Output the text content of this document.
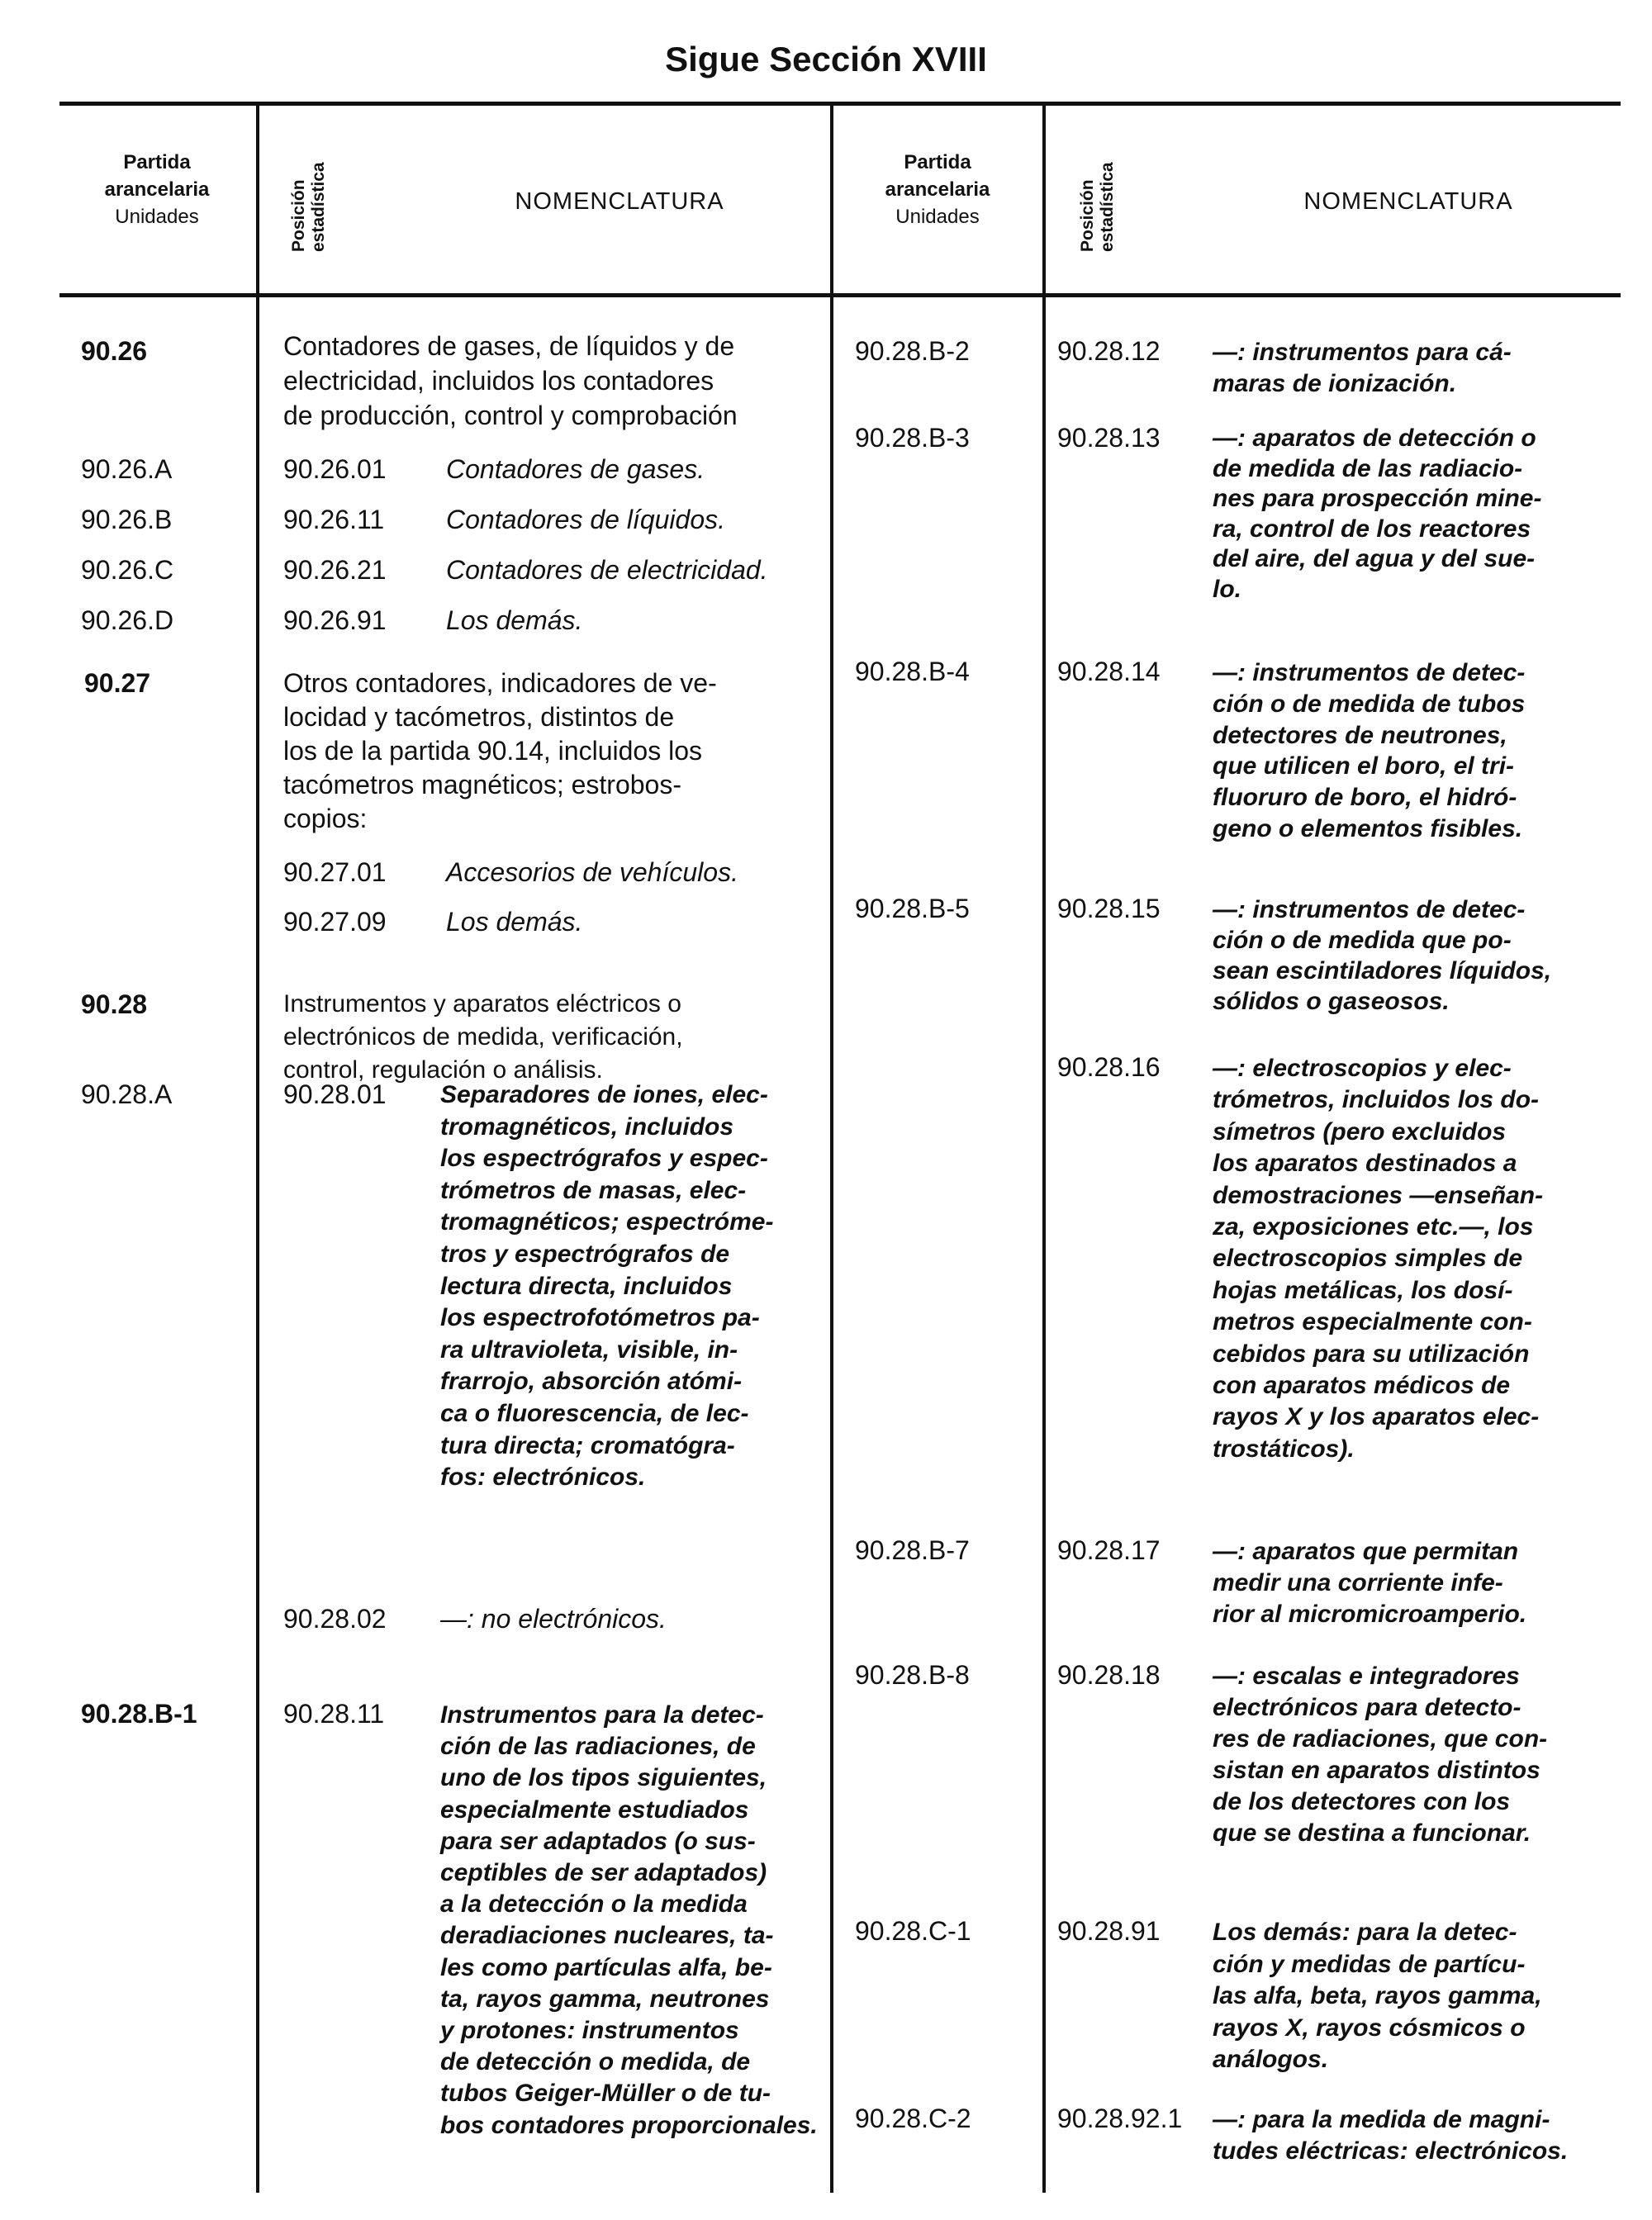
Sigue Sección XVIII
Partida
arancelaria
Unidades	Posición estadística	NOMENCLATURA
Partida
arancelaria
Unidades	Posición estadística	NOMENCLATURA
90.26	Contadores de gases, de líquidos y de
electricidad, incluidos los contadores
de producción, control y comprobación
90.26.A	90.26.01 Contadores de gases.
90.26.B	90.26.11 Contadores de líquidos.
90.26.C	90.26.21 Contadores de electricidad.
90.26.D	90.26.91 Los demás.
90.27	Otros contadores, indicadores de ve-
locidad y tacómetros, distintos de
los de la partida 90.14, incluidos los
tacómetros magnéticos; estrobos-
copios:
90.27.01 Accesorios de vehículos.
90.27.09 Los demás.
90.28	Instrumentos y aparatos eléctricos o
electrónicos de medida, verificación,
control, regulación o análisis.
90.28.A	90.28.01 Separadores de iones, elec-
tromagnéticos, incluidos
los espectrógrafos y espec-
trómetros de masas, elec-
tromagnéticos; espectróme-
tros y espectrógrafos de
lectura directa, incluidos
los espectrofotómetros pa-
ra ultravioleta, visible, in-
frarrojo, absorción atómi-
ca o fluorescencia, de lec-
tura directa; cromatógra-
fos: electrónicos.
90.28.02 —: no electrónicos.
90.28.B-1	90.28.11 Instrumentos para la detec-
ción de las radiaciones, de
uno de los tipos siguientes,
especialmente estudiados
para ser adaptados (o sus-
ceptibles de ser adaptados)
a la detección o la medida
deradiaciones nucleares, ta-
les como partículas alfa, be-
ta, rayos gamma, neutrones
y protones: instrumentos
de detección o medida, de
tubos Geiger-Müller o de tu-
bos contadores proporcionales.
90.28.B-2	90.28.12 —: instrumentos para cá-
maras de ionización.
90.28.B-3	90.28.13 —: aparatos de detección o
de medida de las radiacio-
nes para prospección mine-
ra, control de los reactores
del aire, del agua y del sue-
lo.
90.28.B-4	90.28.14 —: instrumentos de detec-
ción o de medida de tubos
detectores de neutrones,
que utilicen el boro, el tri-
fluoruro de boro, el hidró-
geno o elementos fisibles.
90.28.B-5	90.28.15 —: instrumentos de detec-
ción o de medida que po-
sean escintiladores líquidos,
sólidos o gaseosos.
90.28.16 —: electroscopios y elec-
trómetros, incluidos los do-
símetros (pero excluidos
los aparatos destinados a
demostraciones —enseñan-
za, exposiciones etc.—, los
electroscopios simples de
hojas metálicas, los dosí-
metros especialmente con-
cebidos para su utilización
con aparatos médicos de
rayos X y los aparatos elec-
trostáticos).
90.28.B-7	90.28.17 —: aparatos que permitan
medir una corriente infe-
rior al micromicroamperio.
90.28.B-8	90.28.18 —: escalas e integradores
electrónicos para detecto-
res de radiaciones, que con-
sistan en aparatos distintos
de los detectores con los
que se destina a funcionar.
90.28.C-1	90.28.91 Los demás: para la detec-
ción y medidas de partícu-
las alfa, beta, rayos gamma,
rayos X, rayos cósmicos o
análogos.
90.28.C-2	90.28.92.1 —: para la medida de magni-
tudes eléctricas: electrónicos.
